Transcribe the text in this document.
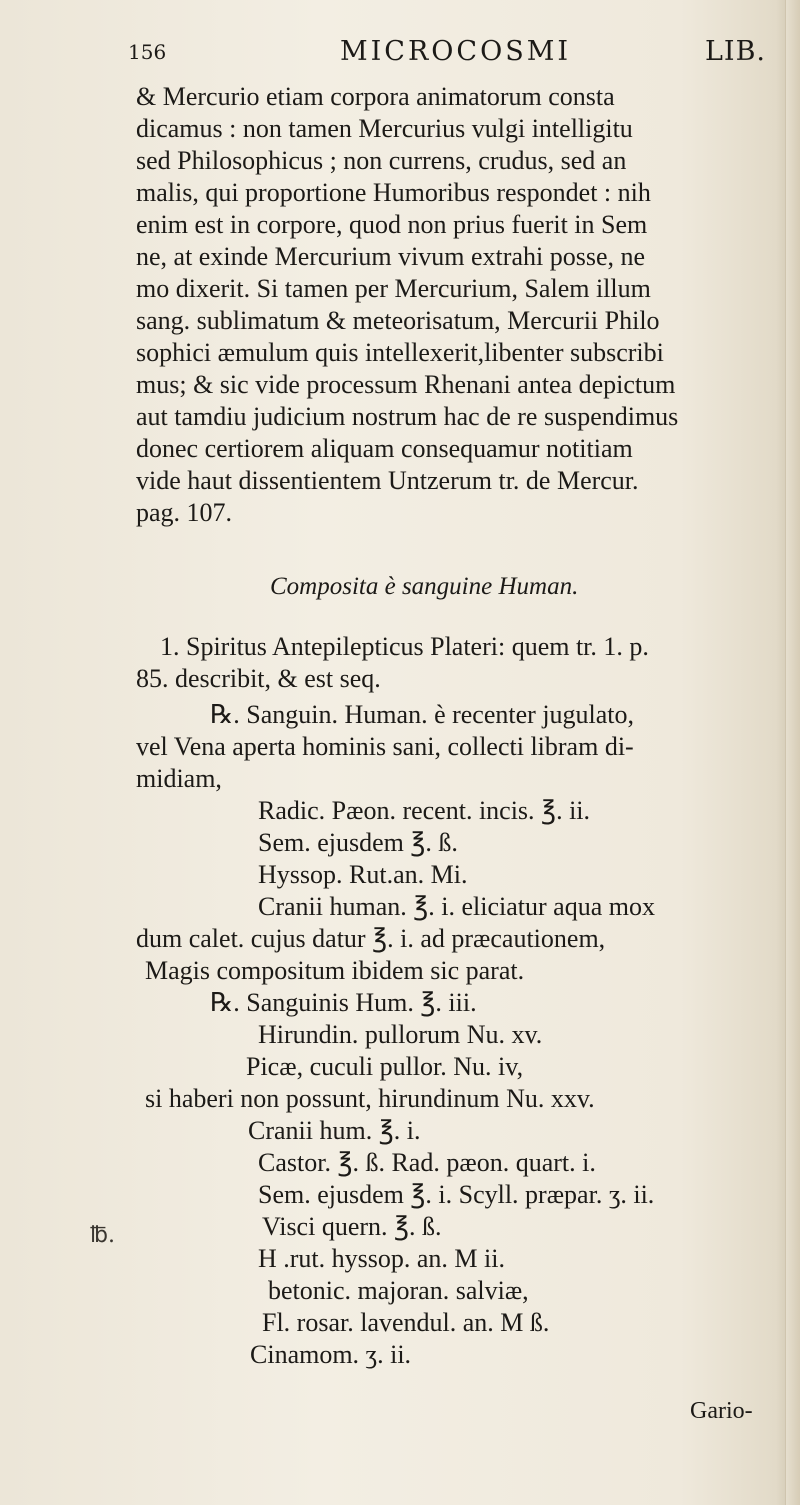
156	MICROCOSMI	LIB.

& Mercurio etiam corpora animatorum consta

dicamus : non tamen Mercurius vulgi intelligitu

sed Philosophicus ; non currens, crudus, sed an

malis, qui proportione Humoribus respondet : nih

enim est in corpore, quod non prius fuerit in Sem

ne, at exinde Mercurium vivum extrahi posse, ne

mo dixerit. Si tamen per Mercurium, Salem illum

sang. sublimatum & meteorisatum, Mercurii Philo

sophici æmulum quis intellexerit,libenter subscribi

mus; & sic vide processum Rhenani antea depictum

aut tamdiu judicium nostrum hac de re suspendimus

donec certiorem aliquam consequamur notitiam

vide haut dissentientem Untzerum tr. de Mercur.

pag. 107.

Composita è sanguine Human.

1. Spiritus Antepilepticus Plateri: quem tr. 1. p.

85. describit, & est seq.

℞. Sanguin. Human. è recenter jugulato,

vel Vena aperta hominis sani, collecti libram di-

midiam,

Radic. Pæon. recent. incis. ℥. ii.

Sem. ejusdem ℥. ß.

Hyssop. Rut.an. Mi.

Cranii human. ℥. i. eliciatur aqua mox

dum calet. cujus datur ℥. i. ad præcautionem,

Magis compositum ibidem sic parat.

℞. Sanguinis Hum. ℥. iii.

Hirundin. pullorum Nu. xv.

Picæ, cuculi pullor. Nu. iv,

si haberi non possunt, hirundinum Nu. xxv.

Cranii hum. ℥. i.

Castor. ℥. ß. Rad. pæon. quart. i.

Sem. ejusdem ℥. i. Scyll. præpar. ʒ. ii.

Visci quern. ℥. ß.

H .rut. hyssop. an. M ii.

betonic. majoran. salviæ,

Fl. rosar. lavendul. an. M ß.

Cinamom. ʒ. ii.

℔.
Gario-
